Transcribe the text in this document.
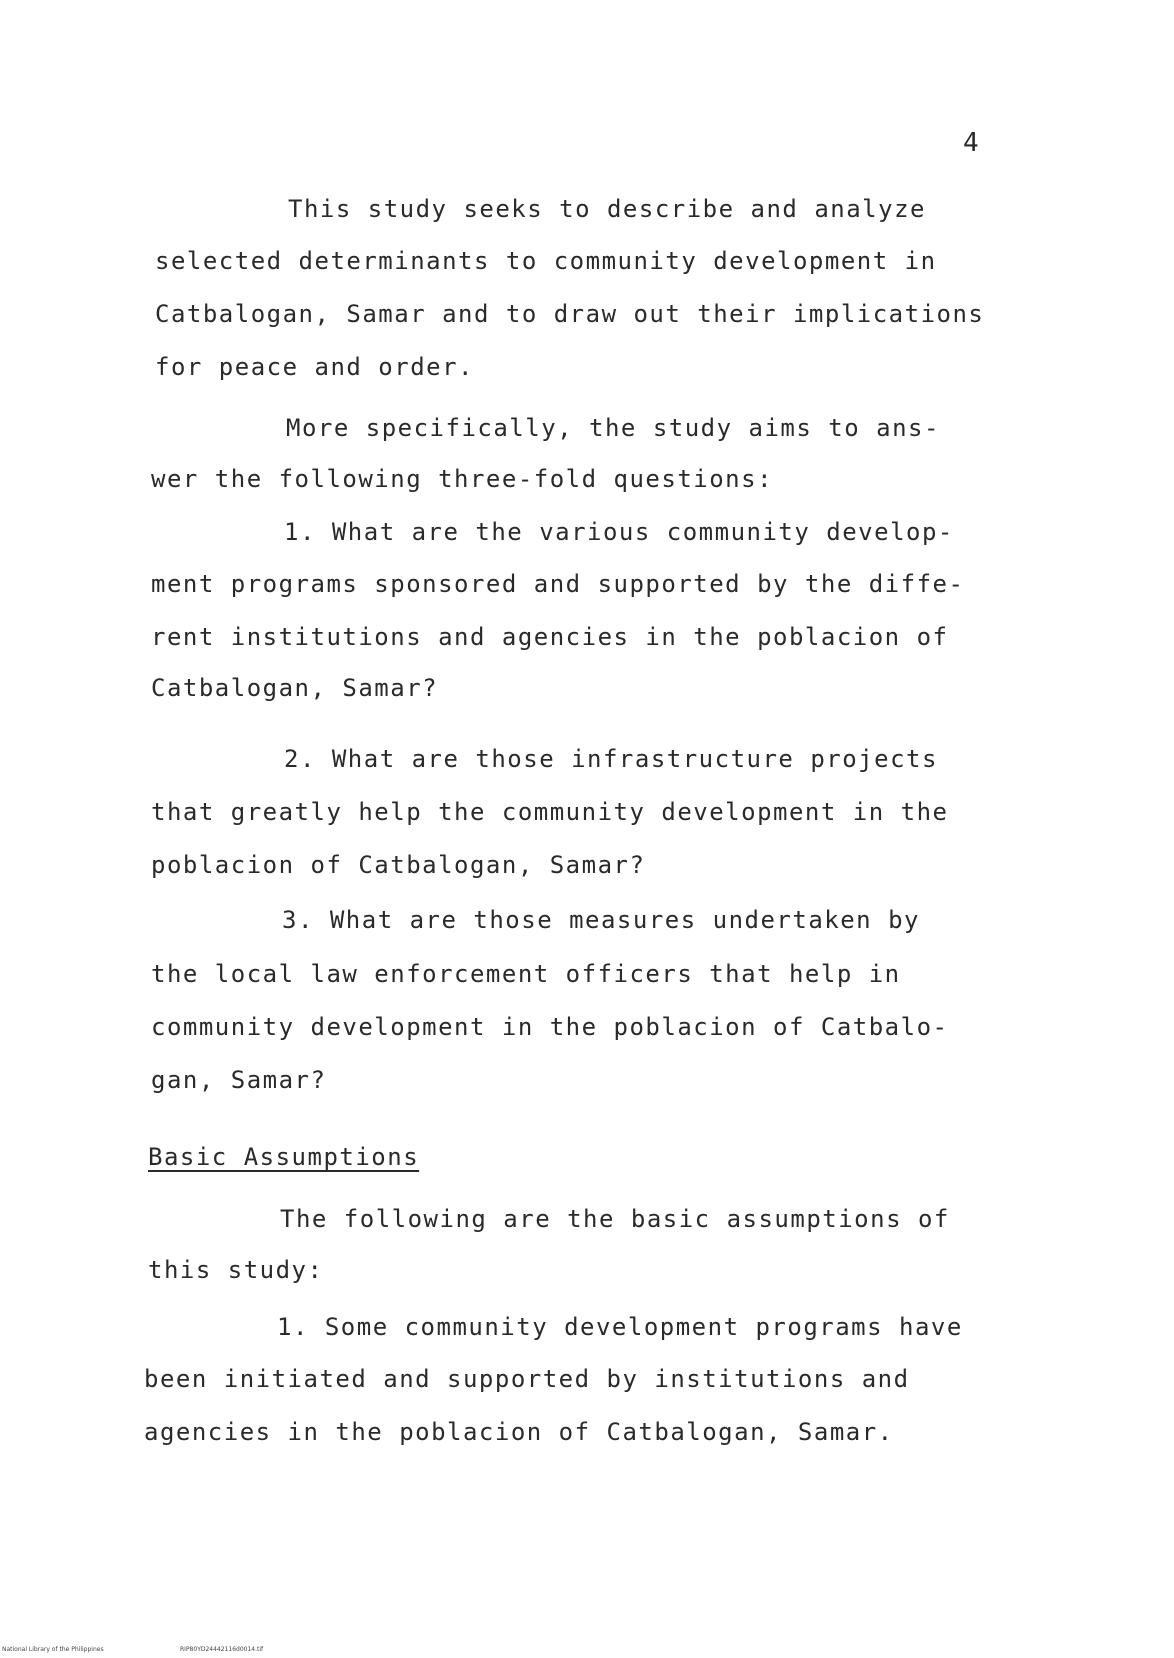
4
This study seeks to describe and analyze
selected determinants to community development in
Catbalogan, Samar and to draw out their implications
for peace and order.
More specifically, the study aims to ans-
wer the following three-fold questions:
1. What are the various community develop-
ment programs sponsored and supported by the diffe-
rent institutions and agencies in the poblacion of
Catbalogan, Samar?
2. What are those infrastructure projects
that greatly help the community development in the
poblacion of Catbalogan, Samar?
3. What are those measures undertaken by
the local law enforcement officers that help in
community development in the poblacion of Catbalo-
gan, Samar?
Basic Assumptions
The following are the basic assumptions of
this study:
1. Some community development programs have
been initiated and supported by institutions and
agencies in the poblacion of Catbalogan, Samar.
National Library of the Philippines	RIP80YD24442116d0014.tif
